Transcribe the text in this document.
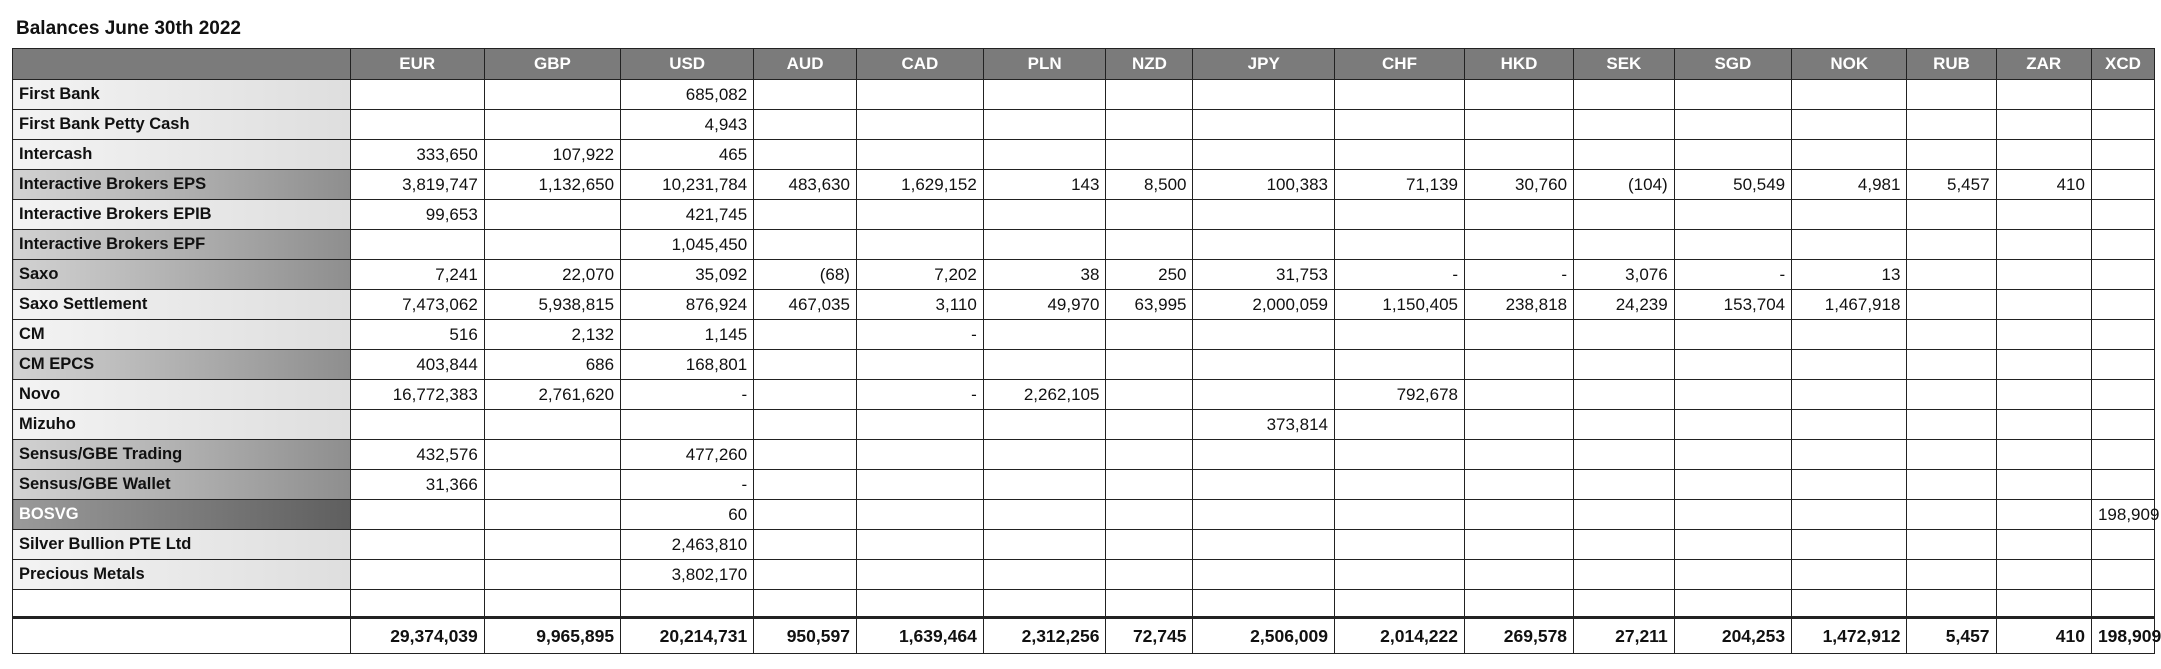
Balances June 30th 2022
	EUR	GBP	USD	AUD	CAD	PLN	NZD	JPY	CHF	HKD	SEK	SGD	NOK	RUB	ZAR	XCD
First Bank			685,082													
First Bank Petty Cash			4,943													
Intercash	333,650	107,922	465													
Interactive Brokers EPS	3,819,747	1,132,650	10,231,784	483,630	1,629,152	143	8,500	100,383	71,139	30,760	(104)	50,549	4,981	5,457	410	
Interactive Brokers EPIB	99,653		421,745													
Interactive Brokers EPF			1,045,450													
Saxo	7,241	22,070	35,092	(68)	7,202	38	250	31,753	-	-	3,076	-	13			
Saxo Settlement	7,473,062	5,938,815	876,924	467,035	3,110	49,970	63,995	2,000,059	1,150,405	238,818	24,239	153,704	1,467,918			
CM	516	2,132	1,145		-											
CM EPCS	403,844	686	168,801													
Novo	16,772,383	2,761,620	-		-	2,262,105			792,678							
Mizuho								373,814								
Sensus/GBE Trading	432,576		477,260													
Sensus/GBE Wallet	31,366		-													
BOSVG			60													198,909
Silver Bullion PTE Ltd			2,463,810													
Precious Metals			3,802,170													

	29,374,039	9,965,895	20,214,731	950,597	1,639,464	2,312,256	72,745	2,506,009	2,014,222	269,578	27,211	204,253	1,472,912	5,457	410	198,909
